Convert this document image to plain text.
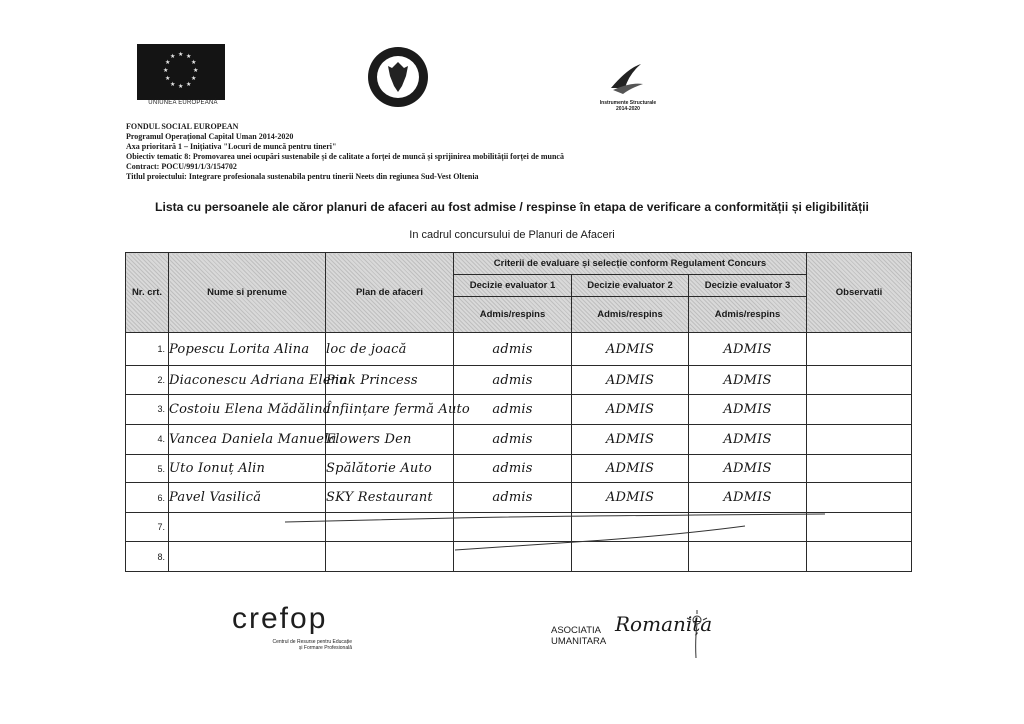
★ ★
★
★
★
★
★
★
★
★
★
★
UNIUNEA EUROPEANĂ	Instrumente Structurale
2014-2020
FONDUL SOCIAL EUROPEAN
Programul Operațional Capital Uman 2014-2020
Axa prioritară 1 – Inițiativa "Locuri de muncă pentru tineri"
Obiectiv tematic 8: Promovarea unei ocupări sustenabile și de calitate a forței de muncă și sprijinirea mobilității forței de muncă
Contract: POCU/991/1/3/154702
Titlul proiectului: Integrare profesionala sustenabila pentru tinerii Neets din regiunea Sud-Vest Oltenia
Lista cu persoanele ale căror planuri de afaceri au fost admise / respinse în etapa de verificare a conformității și eligibilității
In cadrul concursului de Planuri de Afaceri
Nr. crt.	Nume si prenume	Plan de afaceri	Criterii de evaluare și selecție conform Regulament Concurs			Observatii
			Decizie evaluator 1	Decizie evaluator 2	Decizie evaluator 3	
			Admis/respins	Admis/respins	Admis/respins	
1.	Popescu Lorita Alina	loc de joacă	admis	ADMIS	ADMIS	
2.	Diaconescu Adriana Elena	Pink Princess	admis	ADMIS	ADMIS	
3.	Costoiu Elena Mădălina	Înființare fermă Auto	admis	ADMIS	ADMIS	
4.	Vancea Daniela Manuela	Flowers Den	admis	ADMIS	ADMIS	
5.	Uto Ionuț Alin	Spălătorie Auto	admis	ADMIS	ADMIS	
6.	Pavel Vasilică	SKY Restaurant	admis	ADMIS	ADMIS	
7.						
8.						
crefop
Centrul de Resurse pentru Educație
și Formare Profesională
ASOCIATIA
UMANITARA
Romanița
